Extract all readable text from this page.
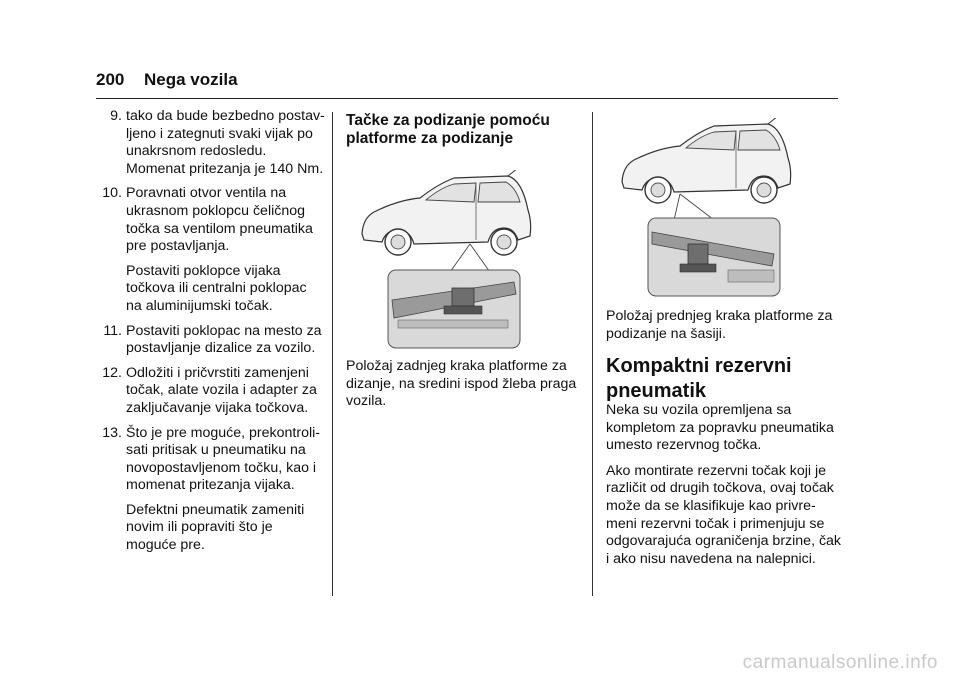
200 Nega vozila
9. tako da bude bezbedno postav-ljeno i zategnuti svaki vijak po unakrsnom redosledu. Momenat pritezanja je 140 Nm.
10. Poravnati otvor ventila na ukrasnom poklopcu čeličnog točka sa ventilom pneumatika pre postavljanja.

Postaviti poklopce vijaka točkova ili centralni poklopac na aluminijumski točak.

11. Postaviti poklopac na mesto za postavljanje dizalice za vozilo.
12. Odložiti i pričvrstiti zamenjeni točak, alate vozila i adapter za zaključavanje vijaka točkova.
13. Što je pre moguće, prekontroli-sati pritisak u pneumatiku na novopostavljenom točku, kao i momenat pritezanja vijaka.

Defektni pneumatik zameniti novim ili popraviti što je moguće pre.

Tačke za podizanje pomoću platforme za podizanje

Položaj zadnjeg kraka platforme za dizanje, na sredini ispod žleba praga vozila.

Položaj prednjeg kraka platforme za podizanje na šasiji.

Kompaktni rezervni pneumatik

Neka su vozila opremljena sa kompletom za popravku pneumatika umesto rezervnog točka.

Ako montirate rezervni točak koji je različit od drugih točkova, ovaj točak može da se klasifikuje kao privre-meni rezervni točak i primenjuju se odgovarajuća ograničenja brzine, čak i ako nisu navedena na nalepnici.

carmanualsonline.info
